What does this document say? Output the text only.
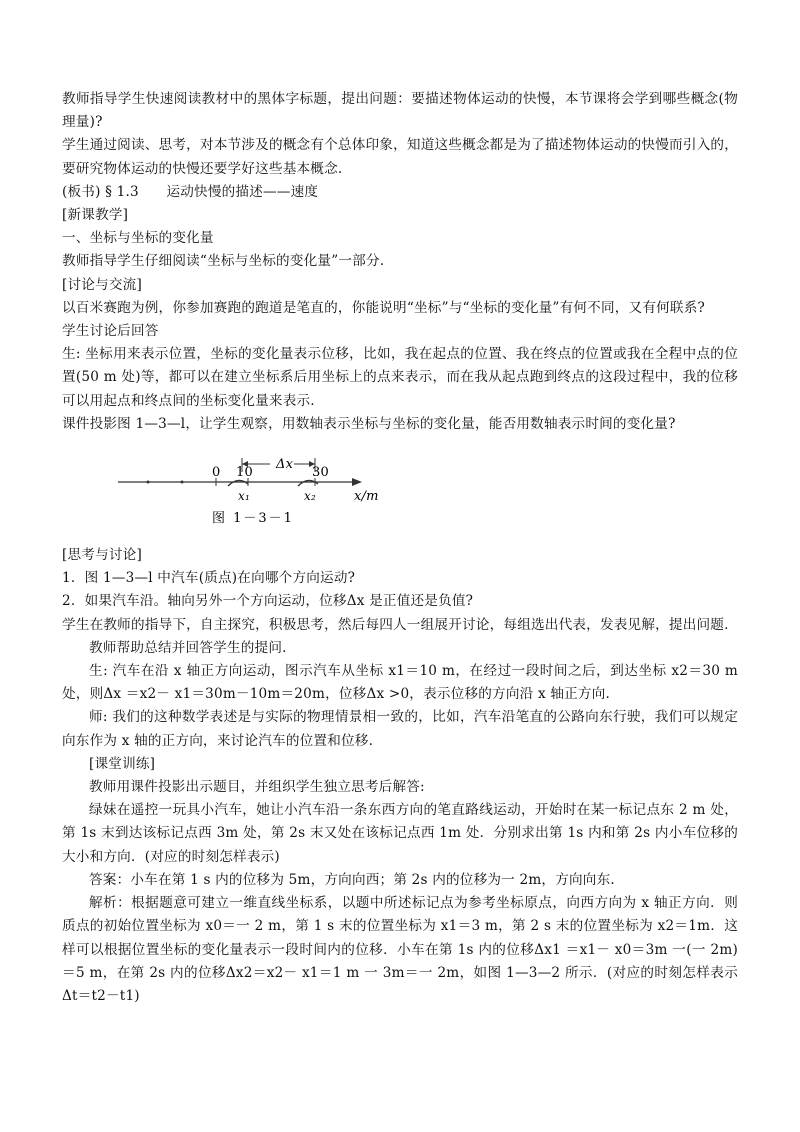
教师指导学生快速阅读教材中的黑体字标题，提出问题：要描述物体运动的快慢，本节课将会学到哪些概念(物理量)?

学生通过阅读、思考，对本节涉及的概念有个总体印象，知道这些概念都是为了描述物体运动的快慢而引入的，要研究物体运动的快慢还要学好这些基本概念.

(板书) § 1.3　　运动快慢的描述——速度

[新课教学]

一、坐标与坐标的变化量

教师指导学生仔细阅读“坐标与坐标的变化量”一部分.

[讨论与交流]

以百米赛跑为例，你参加赛跑的跑道是笔直的，你能说明“坐标”与“坐标的变化量”有何不同，又有何联系?

学生讨论后回答

生: 坐标用来表示位置，坐标的变化量表示位移，比如，我在起点的位置、我在终点的位置或我在全程中点的位置(50 m 处)等，都可以在建立坐标系后用坐标上的点来表示，而在我从起点跑到终点的这段过程中，我的位移可以用起点和终点间的坐标变化量来表示.

课件投影图 1—3—l，让学生观察，用数轴表示坐标与坐标的变化量，能否用数轴表示时间的变化量?

Δx
0 10	30
x₁	x₂	x/m
图 1－3－1

[思考与讨论]

1．图 1—3—l 中汽车(质点)在向哪个方向运动?

2．如果汽车沿。轴向另外一个方向运动，位移Δx 是正值还是负值?

学生在教师的指导下，自主探究，积极思考，然后每四人一组展开讨论，每组选出代表，发表见解，提出问题.

教师帮助总结并回答学生的提问.

生: 汽车在沿 x 轴正方向运动，图示汽车从坐标 x1＝10 m，在经过一段时间之后，到达坐标 x2＝30 m 处，则Δx ＝x2－ x1＝30m－10m＝20m，位移Δx >0，表示位移的方向沿 x 轴正方向.

师: 我们的这种数学表述是与实际的物理情景相一致的，比如，汽车沿笔直的公路向东行驶，我们可以规定向东作为 x 轴的正方向，来讨论汽车的位置和位移.

[课堂训练]

教师用课件投影出示题目，并组织学生独立思考后解答:

绿妹在遥控一玩具小汽车，她让小汽车沿一条东西方向的笔直路线运动，开始时在某一标记点东 2 m 处，第 1s 末到达该标记点西 3m 处，第 2s 末又处在该标记点西 1m 处．分别求出第 1s 内和第 2s 内小车位移的大小和方向．(对应的时刻怎样表示)

答案：小车在第 1 s 内的位移为 5m，方向向西；第 2s 内的位移为一 2m，方向向东.

解析：根据题意可建立一维直线坐标系，以题中所述标记点为参考坐标原点，向西方向为 x 轴正方向．则质点的初始位置坐标为 x0＝一 2 m，第 1 s 末的位置坐标为 x1＝3 m，第 2 s 末的位置坐标为 x2＝1m．这样可以根据位置坐标的变化量表示一段时间内的位移．小车在第 1s 内的位移Δx1 ＝x1－ x0＝3m 一(一 2m) ＝5 m，在第 2s 内的位移Δx2＝x2－ x1＝1 m 一 3m＝一 2m，如图 1—3—2 所示．(对应的时刻怎样表示Δt＝t2－t1)
